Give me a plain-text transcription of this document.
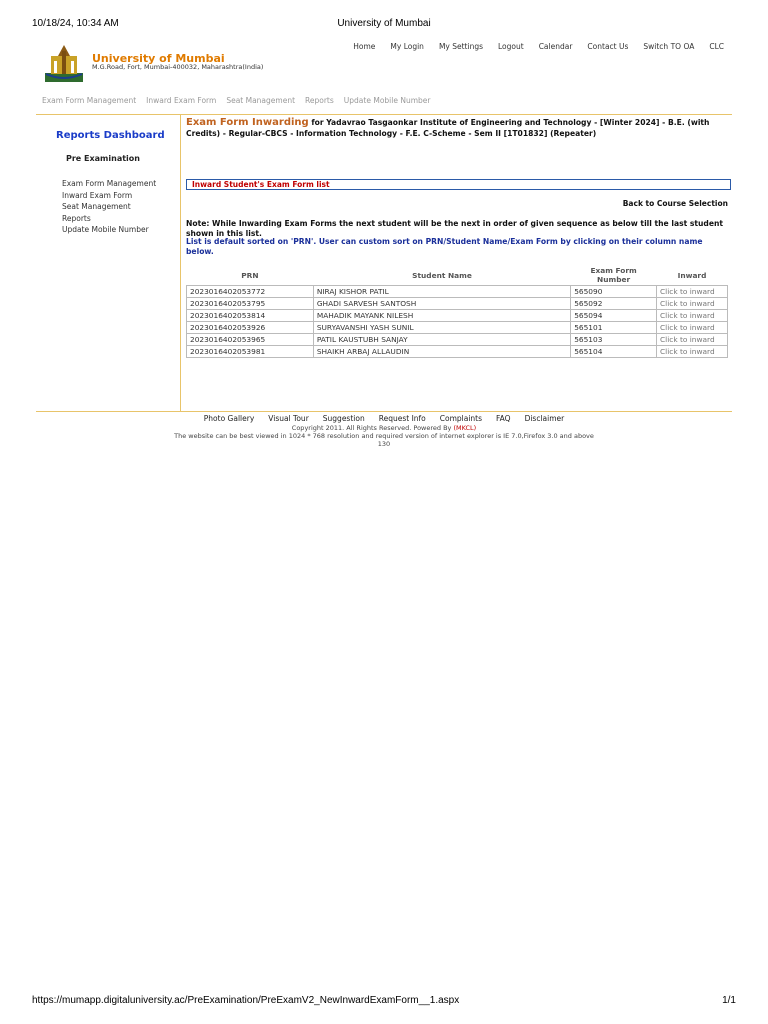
10/18/24, 10:34 AM	University of Mumbai
University of Mumbai
M.G.Road, Fort, Mumbai-400032, Maharashtra(India)
Home My Login My Settings Logout Calendar Contact Us Switch TO OA CLC
Exam Form Management Inward Exam Form Seat Management Reports Update Mobile Number
Reports Dashboard
Pre Examination
Exam Form Management
Inward Exam Form
Seat Management
Reports
Update Mobile Number
Exam Form Inwarding for Yadavrao Tasgaonkar Institute of Engineering and Technology - [Winter 2024] - B.E. (with Credits) - Regular-CBCS - Information Technology - F.E. C-Scheme - Sem II [1T01832] (Repeater)
Inward Student's Exam Form list
Back to Course Selection
Note: While Inwarding Exam Forms the next student will be the next in order of given sequence as below till the last student shown in this list.
List is default sorted on 'PRN'. User can custom sort on PRN/Student Name/Exam Form by clicking on their column name below.
PRN	Student Name	Exam Form Number	Inward
2023016402053772	NIRAJ KISHOR PATIL	565090	Click to inward
2023016402053795	GHADI SARVESH SANTOSH	565092	Click to inward
2023016402053814	MAHADIK MAYANK NILESH	565094	Click to inward
2023016402053926	SURYAVANSHI YASH SUNIL	565101	Click to inward
2023016402053965	PATIL KAUSTUBH SANJAY	565103	Click to inward
2023016402053981	SHAIKH ARBAJ ALLAUDIN	565104	Click to inward
Photo Gallery Visual Tour Suggestion Request Info Complaints FAQ Disclaimer
Copyright 2011. All Rights Reserved. Powered By (MKCL)
The website can be best viewed in 1024 * 768 resolution and required version of internet explorer is IE 7.0,Firefox 3.0 and above
130
https://mumapp.digitaluniversity.ac/PreExamination/PreExamV2_NewInwardExamForm__1.aspx	1/1
